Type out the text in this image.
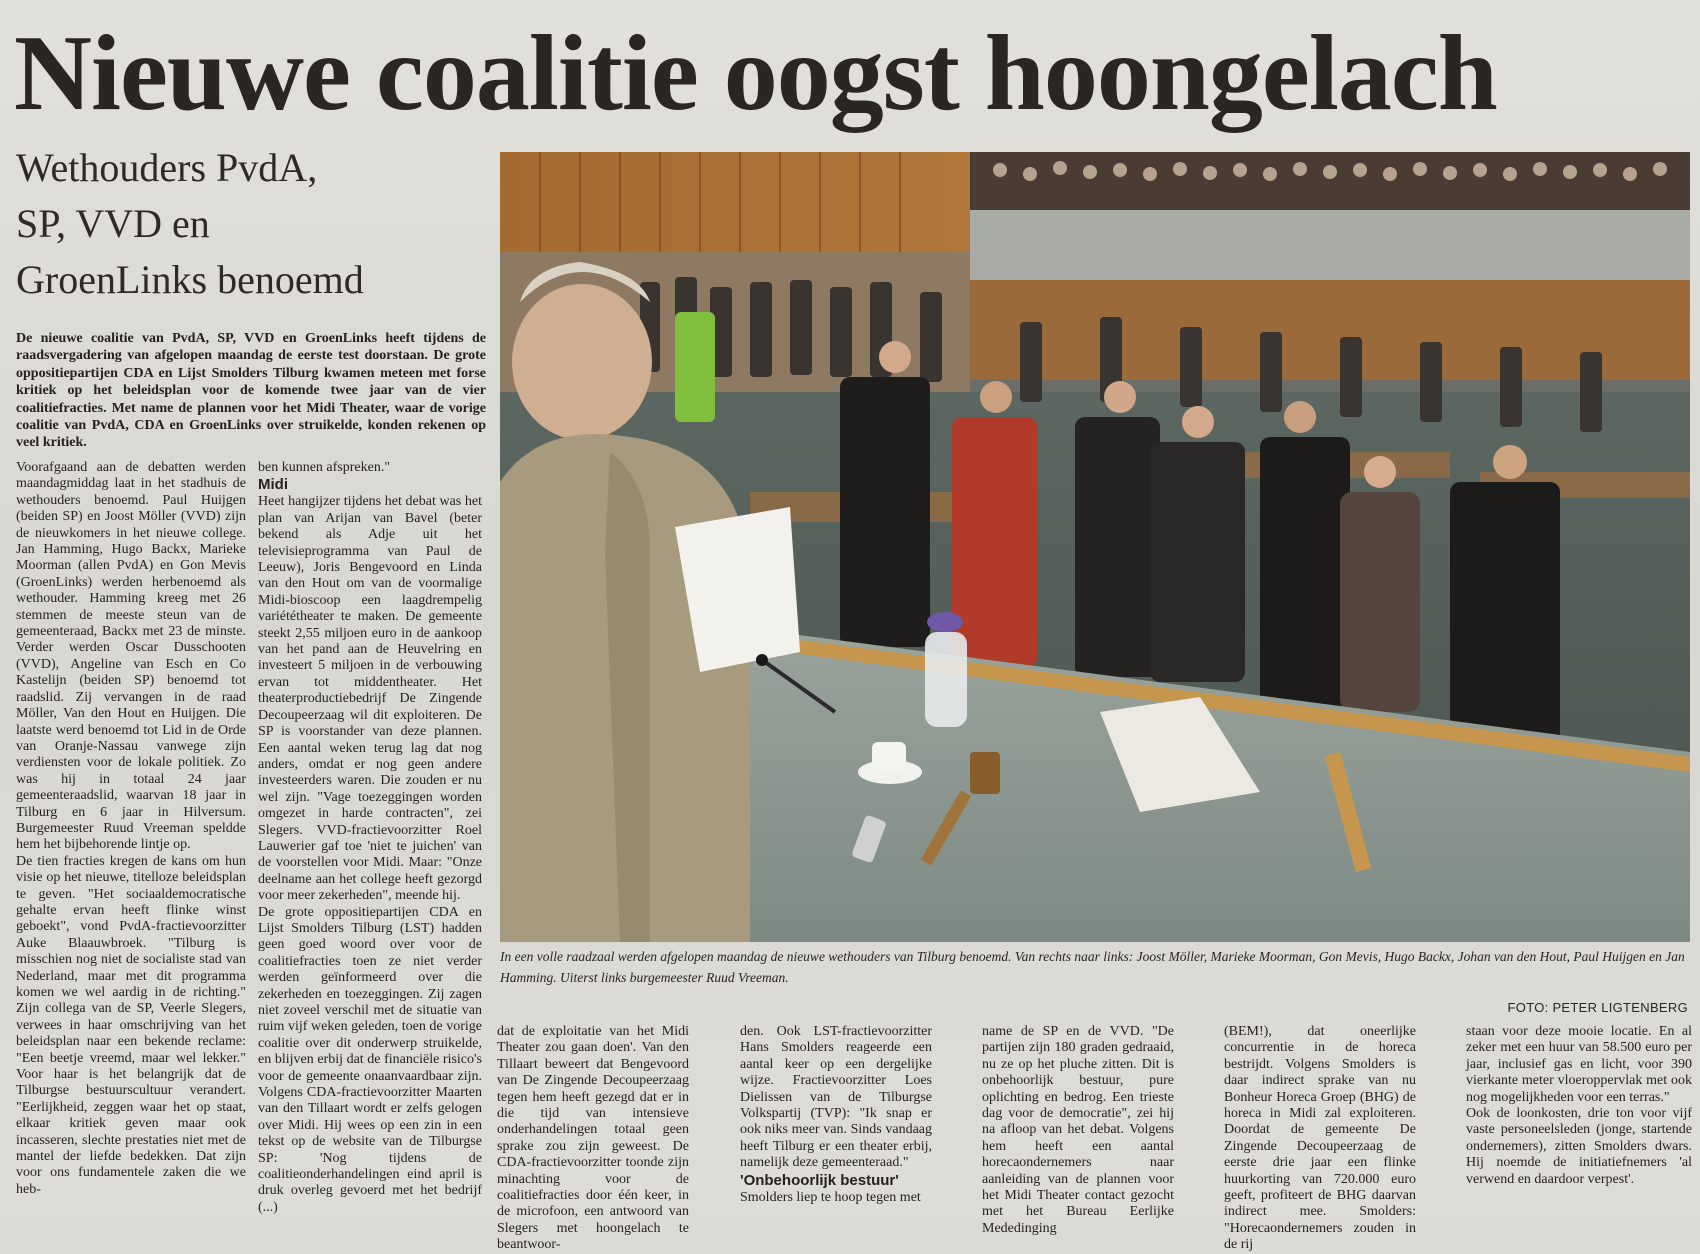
Nieuwe coalitie oogst hoongelach
Wethouders PvdA,
SP, VVD en
GroenLinks benoemd
De nieuwe coalitie van PvdA, SP, VVD en GroenLinks heeft tijdens de raadsvergadering van afgelopen maandag de eerste test doorstaan. De grote oppositiepartijen CDA en Lijst Smolders Tilburg kwamen meteen met forse kritiek op het beleidsplan voor de komende twee jaar van de vier coalitiefracties. Met name de plannen voor het Midi Theater, waar de vorige coalitie van PvdA, CDA en GroenLinks over struikelde, konden rekenen op veel kritiek.

Voorafgaand aan de debatten werden maandagmiddag laat in het stadhuis de wethouders benoemd. Paul Huijgen (beiden SP) en Joost Möller (VVD) zijn de nieuwkomers in het nieuwe college. Jan Hamming, Hugo Backx, Marieke Moorman (allen PvdA) en Gon Mevis (GroenLinks) werden herbenoemd als wethouder. Hamming kreeg met 26 stemmen de meeste steun van de gemeenteraad, Backx met 23 de minste. Verder werden Oscar Dusschooten (VVD), Angeline van Esch en Co Kastelijn (beiden SP) benoemd tot raadslid. Zij vervangen in de raad Möller, Van den Hout en Huijgen. Die laatste werd benoemd tot Lid in de Orde van Oranje-Nassau vanwege zijn verdiensten voor de lokale politiek. Zo was hij in totaal 24 jaar gemeenteraadslid, waarvan 18 jaar in Tilburg en 6 jaar in Hilversum. Burgemeester Ruud Vreeman speldde hem het bijbehorende lintje op.

De tien fracties kregen de kans om hun visie op het nieuwe, titelloze beleidsplan te geven. "Het sociaaldemocratische gehalte ervan heeft flinke winst geboekt", vond PvdA-fractievoorzitter Auke Blaauwbroek. "Tilburg is misschien nog niet de socialiste stad van Nederland, maar met dit programma komen we wel aardig in de richting." Zijn collega van de SP, Veerle Slegers, verwees in haar omschrijving van het beleidsplan naar een bekende reclame: "Een beetje vreemd, maar wel lekker." Voor haar is het belangrijk dat de Tilburgse bestuurscultuur verandert. "Eerlijkheid, zeggen waar het op staat, elkaar kritiek geven maar ook incasseren, slechte prestaties niet met de mantel der liefde bedekken. Dat zijn voor ons fundamentele zaken die we heb-

ben kunnen afspreken."

Midi

Heet hangijzer tijdens het debat was het plan van Arijan van Bavel (beter bekend als Adje uit het televisieprogramma van Paul de Leeuw), Joris Bengevoord en Linda van den Hout om van de voormalige Midi-bioscoop een laagdrempelig variététheater te maken. De gemeente steekt 2,55 miljoen euro in de aankoop van het pand aan de Heuvelring en investeert 5 miljoen in de verbouwing ervan tot middentheater. Het theaterproductiebedrijf De Zingende Decoupeerzaag wil dit exploiteren. De SP is voorstander van deze plannen. Een aantal weken terug lag dat nog anders, omdat er nog geen andere investeerders waren. Die zouden er nu wel zijn. "Vage toezeggingen worden omgezet in harde contracten", zei Slegers. VVD-fractievoorzitter Roel Lauwerier gaf toe 'niet te juichen' van de voorstellen voor Midi. Maar: "Onze deelname aan het college heeft gezorgd voor meer zekerheden", meende hij.

De grote oppositiepartijen CDA en Lijst Smolders Tilburg (LST) hadden geen goed woord over voor de coalitiefracties toen ze niet verder werden geïnformeerd over die zekerheden en toezeggingen. Zij zagen niet zoveel verschil met de situatie van ruim vijf weken geleden, toen de vorige coalitie over dit onderwerp struikelde, en blijven erbij dat de financiële risico's voor de gemeente onaanvaardbaar zijn. Volgens CDA-fractievoorzitter Maarten van den Tillaart wordt er zelfs gelogen over Midi. Hij wees op een zin in een tekst op de website van de Tilburgse SP: 'Nog tijdens de coalitieonderhandelingen eind april is druk overleg gevoerd met het bedrijf (...)

In een volle raadzaal werden afgelopen maandag de nieuwe wethouders van Tilburg benoemd. Van rechts naar links: Joost Möller, Marieke Moorman, Gon Mevis, Hugo Backx, Johan van den Hout, Paul Huijgen en Jan Hamming. Uiterst links burgemeester Ruud Vreeman.
FOTO: PETER LIGTENBERG

dat de exploitatie van het Midi Theater zou gaan doen'. Van den Tillaart beweert dat Bengevoord van De Zingende Decoupeerzaag tegen hem heeft gezegd dat er in die tijd van intensieve onderhandelingen totaal geen sprake zou zijn geweest. De CDA-fractievoorzitter toonde zijn minachting voor de coalitiefracties door één keer, in de microfoon, een antwoord van Slegers met hoongelach te beantwoor-

den. Ook LST-fractievoorzitter Hans Smolders reageerde een aantal keer op een dergelijke wijze. Fractievoorzitter Loes Dielissen van de Tilburgse Volkspartij (TVP): "Ik snap er ook niks meer van. Sinds vandaag heeft Tilburg er een theater erbij, namelijk deze gemeenteraad."

'Onbehoorlijk bestuur'

Smolders liep te hoop tegen met

name de SP en de VVD. "De partijen zijn 180 graden gedraaid, nu ze op het pluche zitten. Dit is onbehoorlijk bestuur, pure oplichting en bedrog. Een trieste dag voor de democratie", zei hij na afloop van het debat. Volgens hem heeft een aantal horecaondernemers naar aanleiding van de plannen voor het Midi Theater contact gezocht met het Bureau Eerlijke Mededinging

(BEM!), dat oneerlijke concurrentie in de horeca bestrijdt. Volgens Smolders is daar indirect sprake van nu Bonheur Horeca Groep (BHG) de horeca in Midi zal exploiteren. Doordat de gemeente De Zingende Decoupeerzaag de eerste drie jaar een flinke huurkorting van 720.000 euro geeft, profiteert de BHG daarvan indirect mee. Smolders: "Horecaondernemers zouden in de rij

staan voor deze mooie locatie. En al zeker met een huur van 58.500 euro per jaar, inclusief gas en licht, voor 390 vierkante meter vloeroppervlak met ook nog mogelijkheden voor een terras."

Ook de loonkosten, drie ton voor vijf vaste personeelsleden (jonge, startende ondernemers), zitten Smolders dwars. Hij noemde de initiatiefnemers 'al verwend en daardoor verpest'.
